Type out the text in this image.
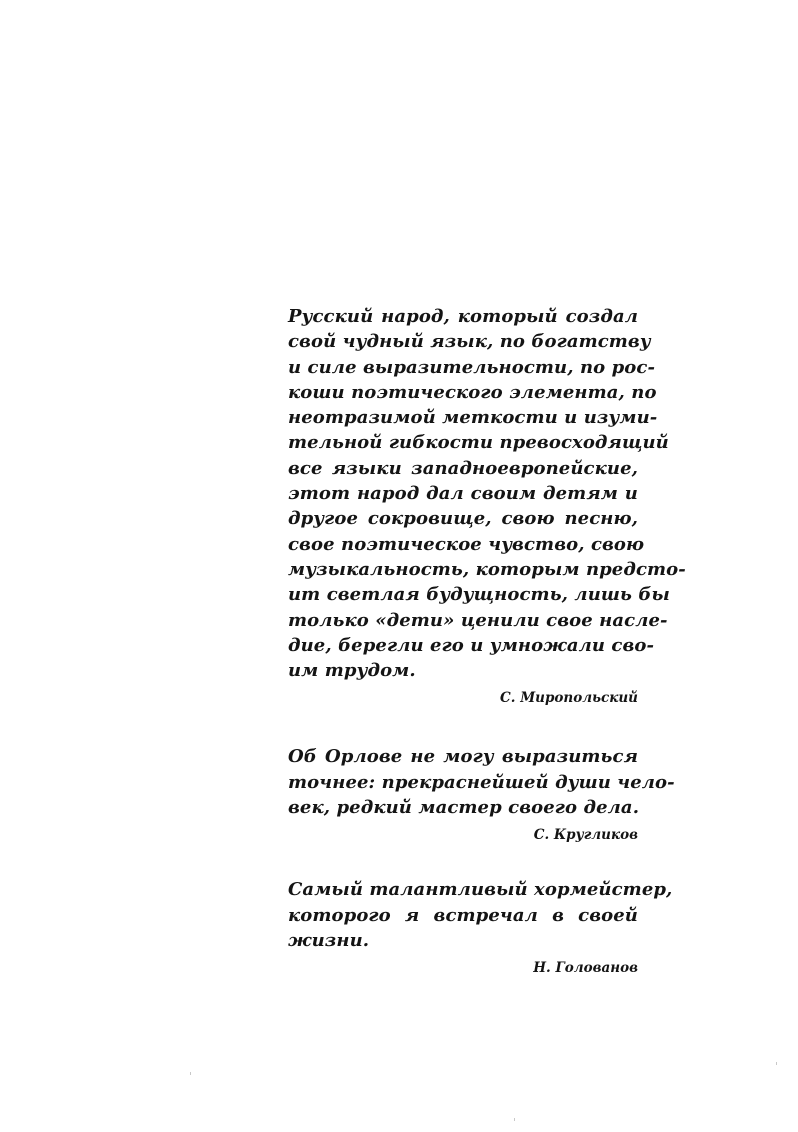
Русский народ, который создал
свой чудный язык, по богатству
и силе выразительности, по рос-
коши поэтического элемента, по
неотразимой меткости и изуми-
тельной гибкости превосходящий
все языки западноевропейские,
этот народ дал своим детям и
другое сокровище, свою песню,
свое поэтическое чувство, свою
музыкальность, которым предсто-
ит светлая будущность, лишь бы
только «дети» ценили свое насле-
дие, берегли его и умножали сво-
им трудом.

С. Миропольский

Об Орлове не могу выразиться
точнее: прекраснейшей души чело-
век, редкий мастер своего дела.

С. Кругликов

Самый талантливый хормейстер,
которого я встречал в своей
жизни.

Н. Голованов
